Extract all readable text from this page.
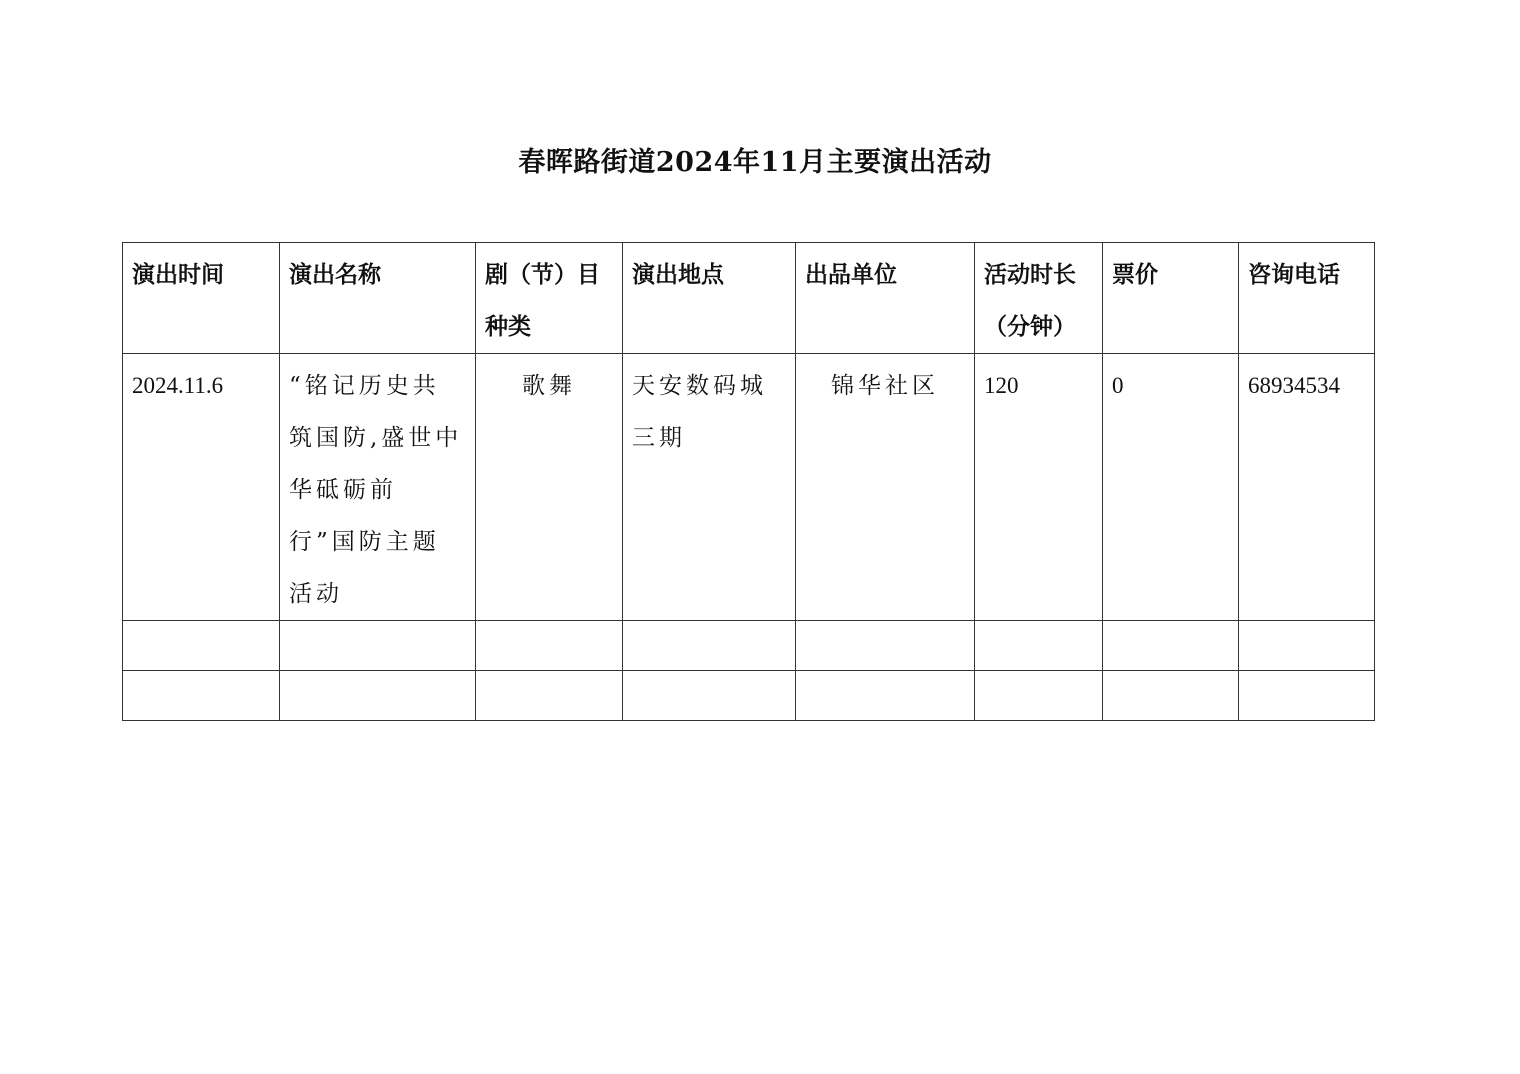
春晖路街道2024年11月主要演出活动
演出时间	演出名称	剧（节）目种类	演出地点	出品单位	活动时长（分钟）	票价	咨询电话
2024.11.6	“铭记历史共筑国防,盛世中华砥砺前行”国防主题活动	歌舞	天安数码城三期	锦华社区	120	0	68934534
